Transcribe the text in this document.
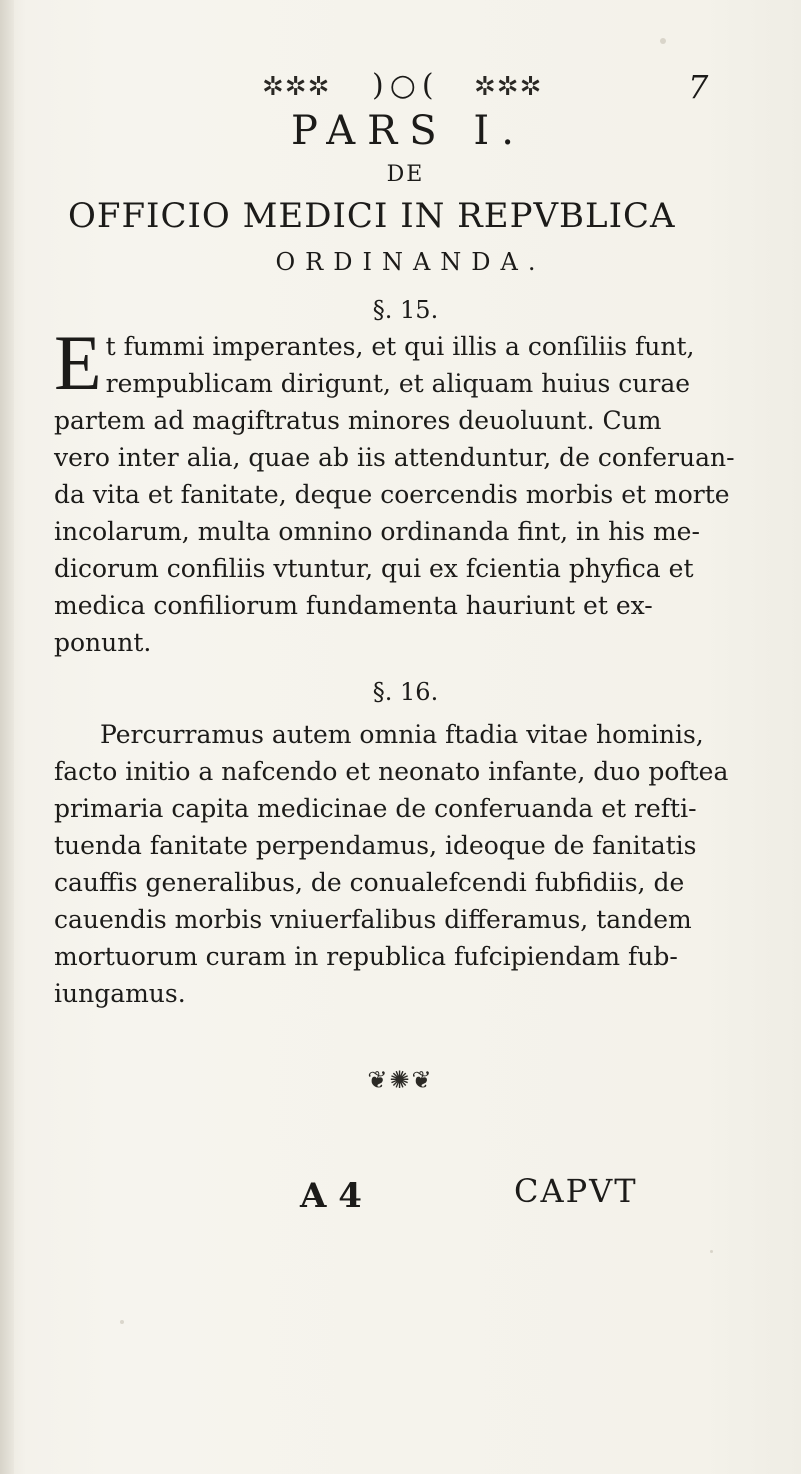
✲✲✲ )○( ✲✲✲	7
PARS I.
DE
OFFICIO MEDICI IN REPVBLICA
ORDINANDA.
§. 15.
E t fummi imperantes, et qui illis a conſiliis funt,
rempublicam dirigunt, et aliquam huius curae
partem ad magiftratus minores deuoluunt. Cum
vero inter alia, quae ab iis attenduntur, de conferuan-
da vita et fanitate, deque coercendis morbis et morte
incolarum, multa omnino ordinanda fint, in his me-
dicorum confiliis vtuntur, qui ex fcientia phyfica et
medica confiliorum fundamenta hauriunt et ex-
ponunt.
§. 16.
Percurramus autem omnia ftadia vitae hominis,
facto initio a nafcendo et neonato infante, duo poftea
primaria capita medicinae de conferuanda et refti-
tuenda fanitate perpendamus, ideoque de fanitatis
cauffis generalibus, de conualefcendi fubfidiis, de
cauendis morbis vniuerfalibus differamus, tandem
mortuorum curam in republica fufcipiendam fub-
iungamus.
❦✺❦
A 4	CAPVT
